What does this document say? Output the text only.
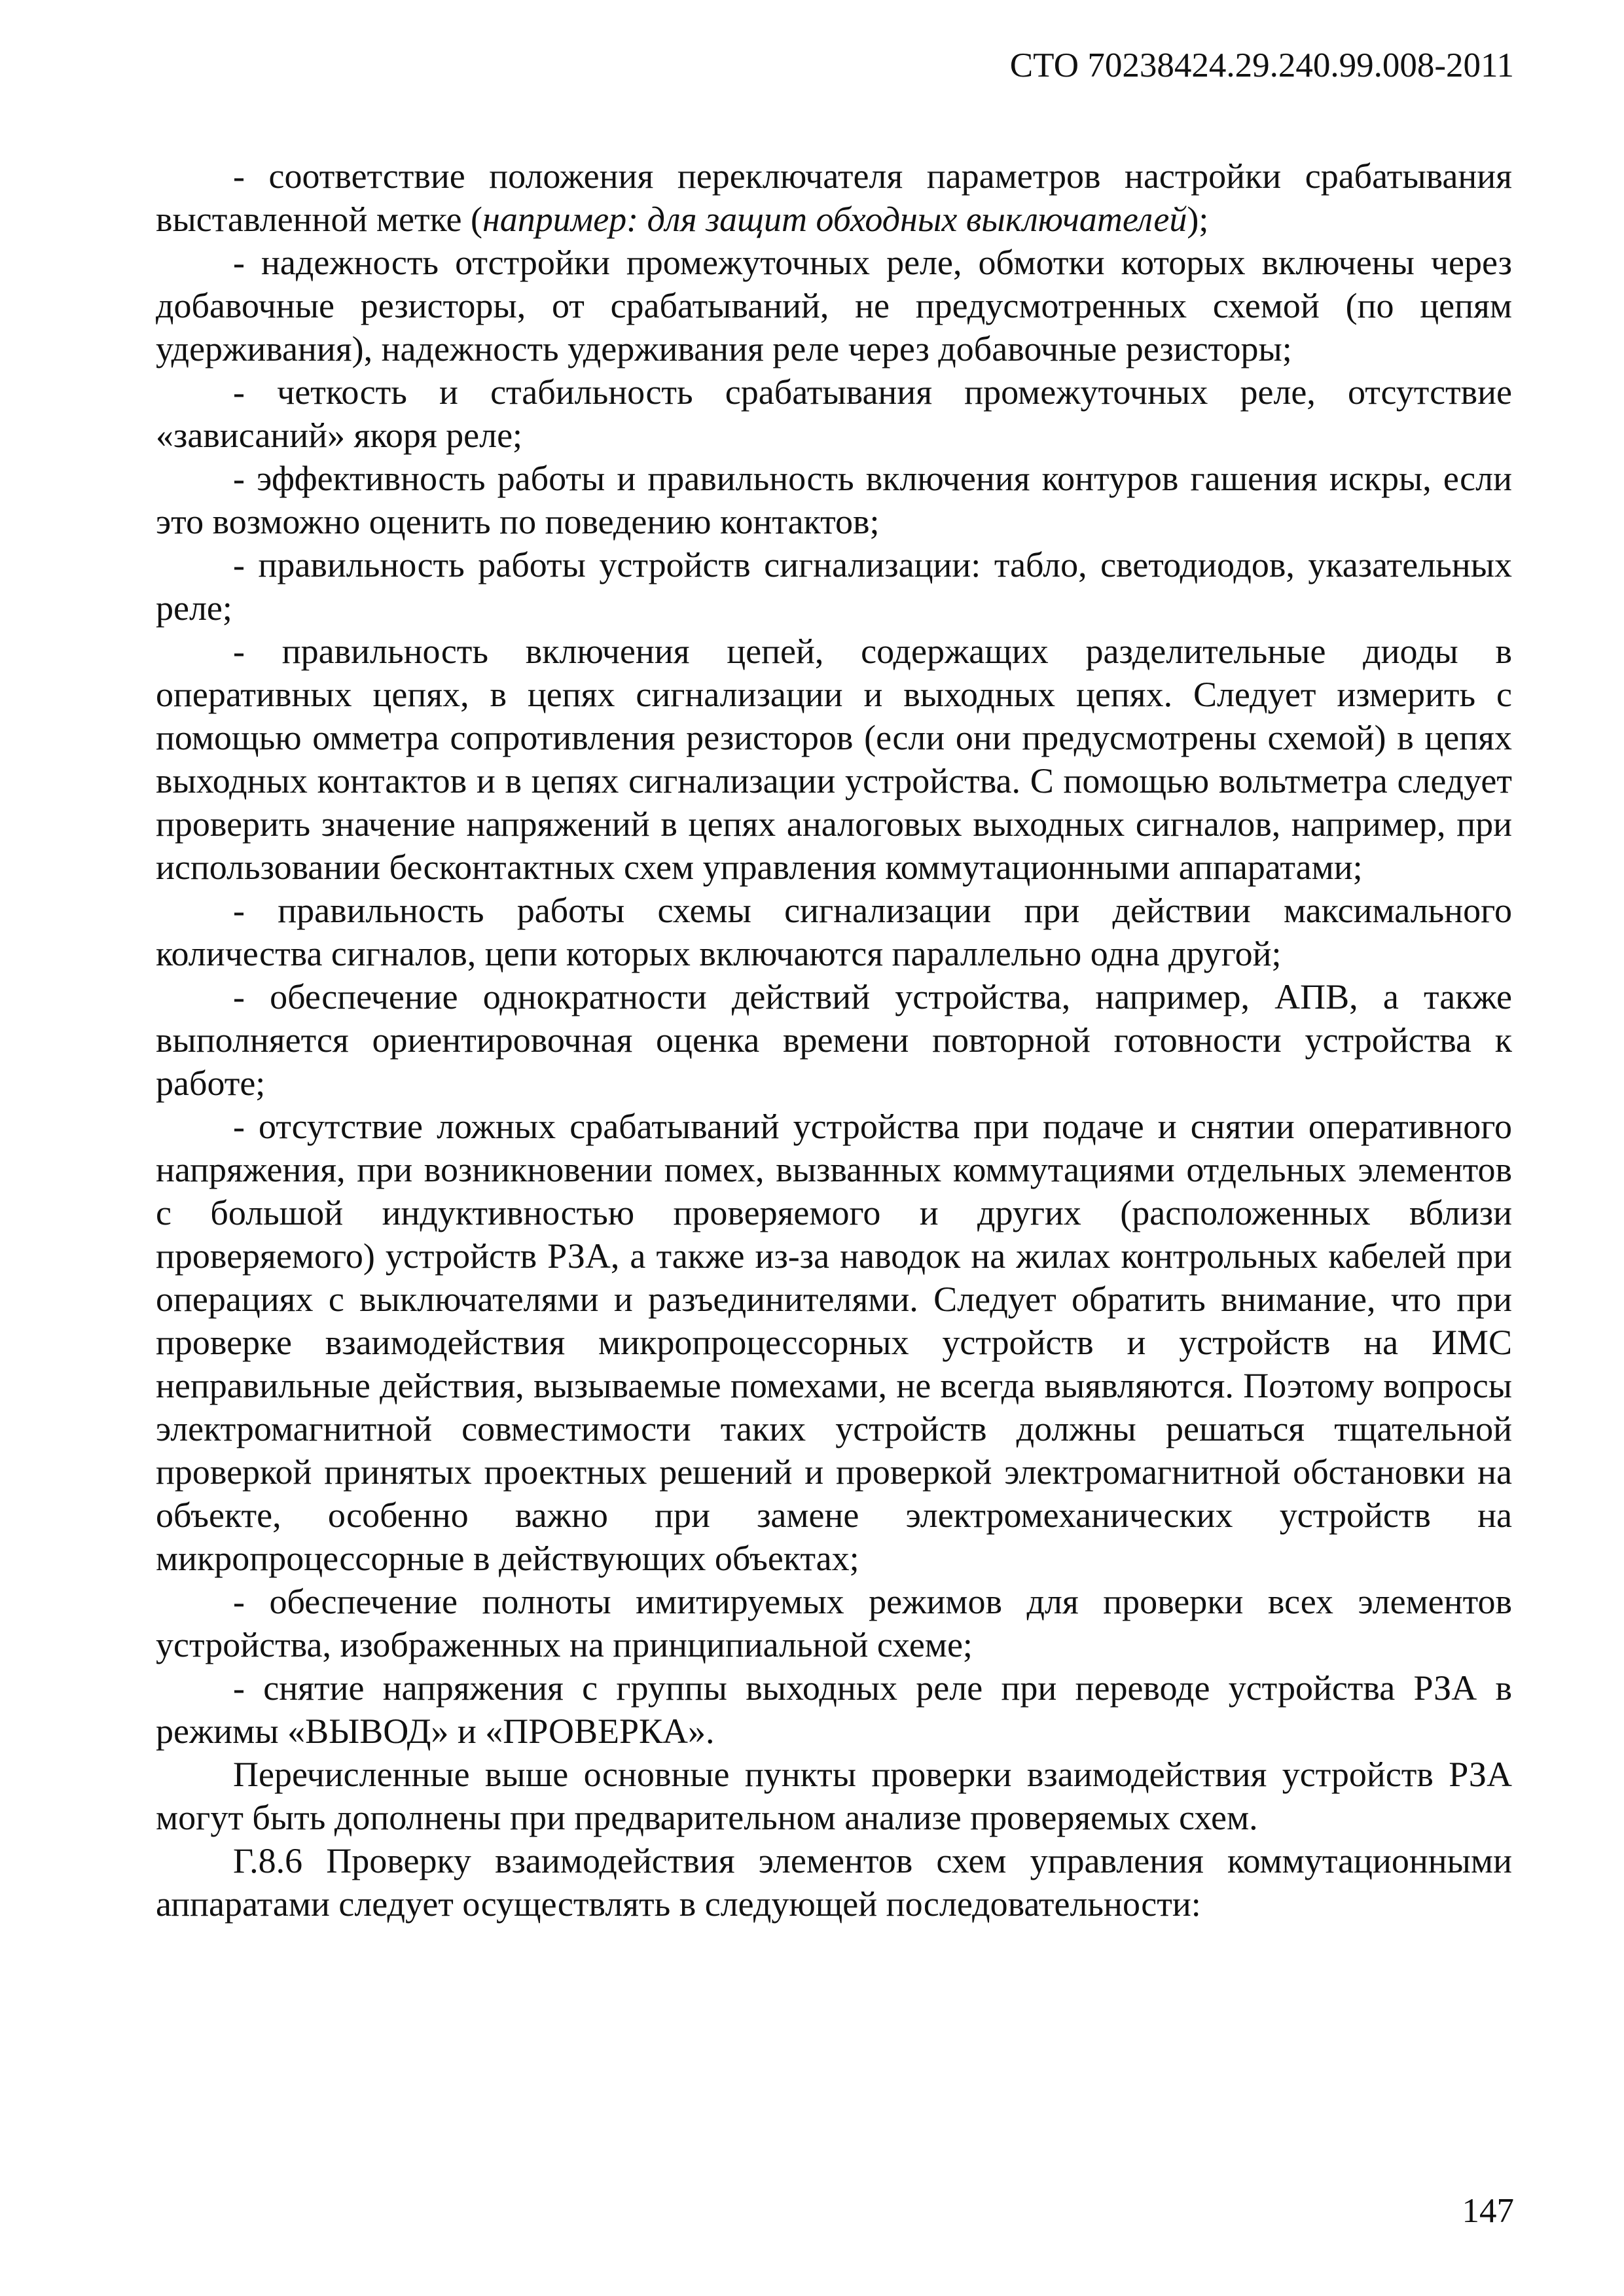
СТО 70238424.29.240.99.008-2011

- соответствие положения переключателя параметров настройки срабатывания выставленной метке (например: для защит обходных выключателей);

- надежность отстройки промежуточных реле, обмотки которых включены через добавочные резисторы, от срабатываний, не предусмотренных схемой (по цепям удерживания), надежность удерживания реле через добавочные резисторы;

- четкость и стабильность срабатывания промежуточных реле, отсутствие «зависаний» якоря реле;

- эффективность работы и правильность включения контуров гашения искры, если это возможно оценить по поведению контактов;

- правильность работы устройств сигнализации: табло, светодиодов, указательных реле;

- правильность включения цепей, содержащих разделительные диоды в оперативных цепях, в цепях сигнализации и выходных цепях. Следует измерить с помощью омметра сопротивления резисторов (если они предусмотрены схемой) в цепях выходных контактов и в цепях сигнализации устройства. С помощью вольтметра следует проверить значение напряжений в цепях аналоговых выходных сигналов, например, при использовании бесконтактных схем управления коммутационными аппаратами;

- правильность работы схемы сигнализации при действии максимального количества сигналов, цепи которых включаются параллельно одна другой;

- обеспечение однократности действий устройства, например, АПВ, а также выполняется ориентировочная оценка времени повторной готовности устройства к работе;

- отсутствие ложных срабатываний устройства при подаче и снятии оперативного напряжения, при возникновении помех, вызванных коммутациями отдельных элементов с большой индуктивностью проверяемого и других (расположенных вблизи проверяемого) устройств РЗА, а также из-за наводок на жилах контрольных кабелей при операциях с выключателями и разъединителями. Следует обратить внимание, что при проверке взаимодействия микропроцессорных устройств и устройств на ИМС неправильные действия, вызываемые помехами, не всегда выявляются. Поэтому вопросы электромагнитной совместимости таких устройств должны решаться тщательной проверкой принятых проектных решений и проверкой электромагнитной обстановки на объекте, особенно важно при замене электромеханических устройств на микропроцессорные в действующих объектах;

- обеспечение полноты имитируемых режимов для проверки всех элементов устройства, изображенных на принципиальной схеме;

- снятие напряжения с группы выходных реле при переводе устройства РЗА в режимы «ВЫВОД» и «ПРОВЕРКА».

Перечисленные выше основные пункты проверки взаимодействия устройств РЗА могут быть дополнены при предварительном анализе проверяемых схем.

Г.8.6 Проверку взаимодействия элементов схем управления коммутационными аппаратами следует осуществлять в следующей последовательности:

147
